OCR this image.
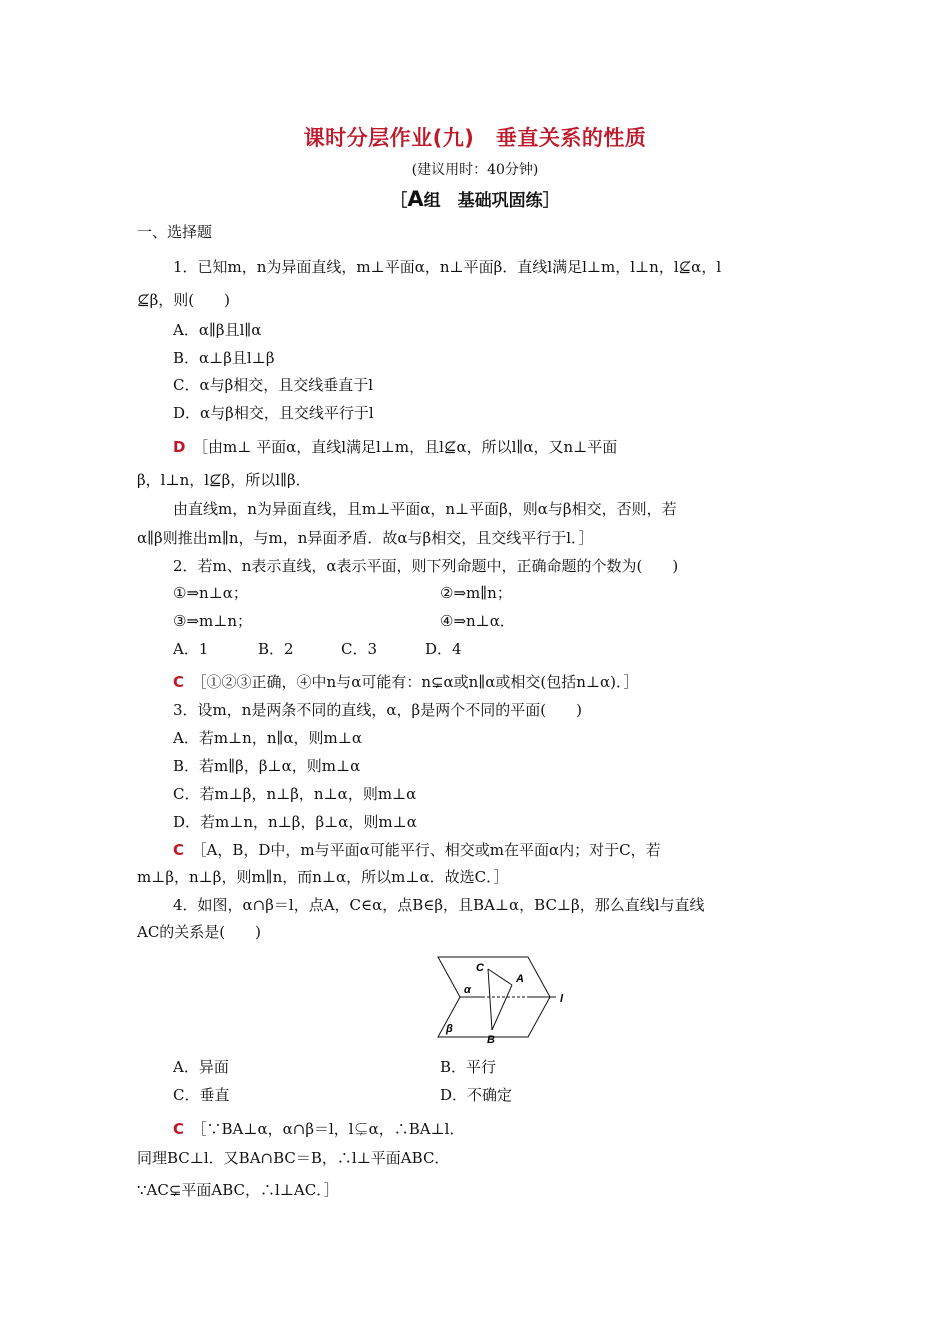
课时分层作业(九)　垂直关系的性质
(建议用时：40分钟)
［A组　基础巩固练］
一、选择题
1．已知m，n为异面直线，m⊥平面α，n⊥平面β．直线l满足l⊥m，l⊥n，l⊈α，l
⊈β，则(　　)
A．α∥β且l∥α
B．α⊥β且l⊥β
C．α与β相交，且交线垂直于l
D．α与β相交，且交线平行于l
D　 ［由m⊥ 平面α，直线l满足l⊥m，且l⊈α，所以l∥α，又n⊥平面
β，l⊥n，l⊈β，所以l∥β．
由直线m，n为异面直线，且m⊥平面α，n⊥平面β，则α与β相交，否则，若
α∥β则推出m∥n，与m，n异面矛盾．故α与β相交，且交线平行于l．］
2．若m、n表示直线，α表示平面，则下列命题中，正确命题的个数为(　　)
①⇒n⊥α；	②⇒m∥n；
③⇒m⊥n；	④⇒n⊥α．
A．1	B．2	C．3	D．4
C　 ［①②③正确，④中n与α可能有：n⊊α或n∥α或相交(包括n⊥α)．］
3．设m，n是两条不同的直线，α，β是两个不同的平面(　　)
A．若m⊥n，n∥α，则m⊥α
B．若m∥β，β⊥α，则m⊥α
C．若m⊥β，n⊥β，n⊥α，则m⊥α
D．若m⊥n，n⊥β，β⊥α，则m⊥α
C　 ［A，B，D中，m与平面α可能平行、相交或m在平面α内；对于C，若
m⊥β，n⊥β，则m∥n，而n⊥α，所以m⊥α．故选C．］
4．如图，α∩β＝l，点A，C∈α，点B∈β，且BA⊥α，BC⊥β，那么直线l与直线
AC的关系是(　　)
C
A
α
l
β
B
A．异面	B．平行
C．垂直	D．不确定
C　 ［∵BA⊥α，α∩β＝l，l⊊α，∴BA⊥l．
同理BC⊥l．又BA∩BC＝B，∴l⊥平面ABC．
∵AC⊊平面ABC，∴l⊥AC．］
